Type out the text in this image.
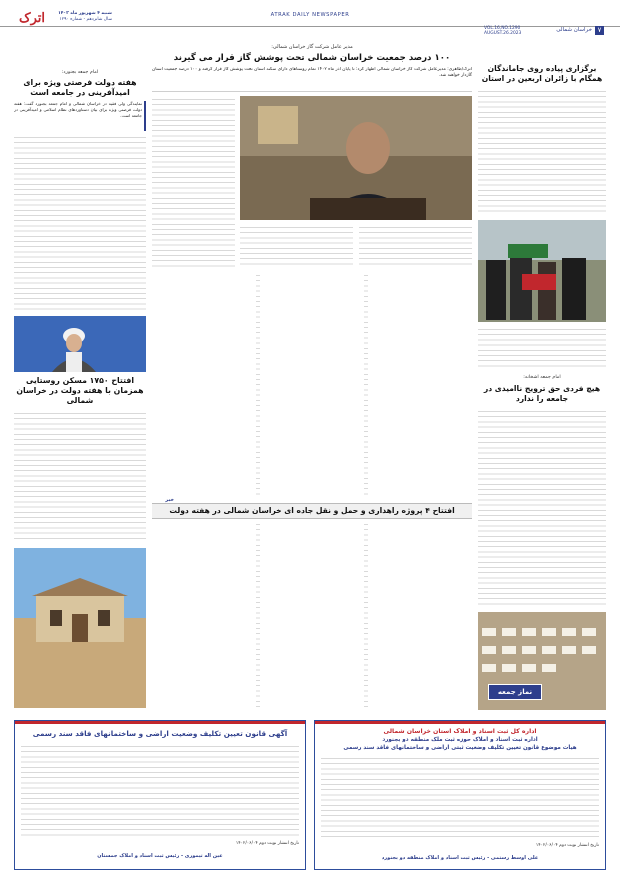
۷
خراسان شمالی
VOL.16,NO.1290
AUGUST.26.2023
ATRAK DAILY NEWSPAPER
اترک	شنبه ۴ شهریور ماه ۱۴۰۲
سال شانزدهم - شماره ۱۲۹۰
مدیر عامل شرکت گاز خراسان شمالی:
۱۰۰ درصد جمعیت خراسان شمالی تحت پوشش گاز قرار می گیرند
اترک/طاهری: مدیرعامل شرکت گاز خراسان شمالی اظهار کرد: تا پایان آذر ماه ۱۴۰۲ تمام روستاهای دارای سکنه استان تحت پوشش گاز قرار گرفته و ۱۰۰ درصد جمعیت استان گازدار خواهند شد.
افتتاح ۴ پروژه راهداری و حمل و نقل جاده ای خراسان شمالی در هفته دولت
خبر
امام جمعه بجنورد:
هفته دولت فرصتی ویژه برای امیدآفرینی در جامعه است
نمایندگی ولی فقیه در خراسان شمالی و امام جمعه بجنورد گفت: هفته دولت فرصتی ویژه برای بیان دستاوردهای نظام اسلامی و امیدآفرینی در جامعه است.
افتتاح ۱۷۵۰ مسکن روستایی همزمان با هفته دولت در خراسان شمالی
برگزاری پیاده روی جاماندگان همگام با زائران اربعین در استان
امام جمعه اشخانه:
هیچ فردی حق ترویج ناامیدی در جامعه را ندارد
نماز جمعه
آگهی قانون تعیین تکلیف وضعیت اراضی و ساختمانهای فاقد سند رسمی
تاریخ انتشار نوبت دوم ۱۴۰۲/۰۶/۰۴
عین اله تیموری - رئیس ثبت اسناد و املاک جمستان
اداره کل ثبت اسناد و املاک استان خراسان شمالی
اداره ثبت اسناد و املاک حوزه ثبت ملک منطقه دو بجنورد
هیات موضوع قانون تعیین تکلیف وضعیت ثبتی اراضی و ساختمانهای فاقد سند رسمی
تاریخ انتشار نوبت دوم ۱۴۰۲/۰۶/۰۴
علی اوسط رستمی - رئیس ثبت اسناد و املاک منطقه دو بجنورد
